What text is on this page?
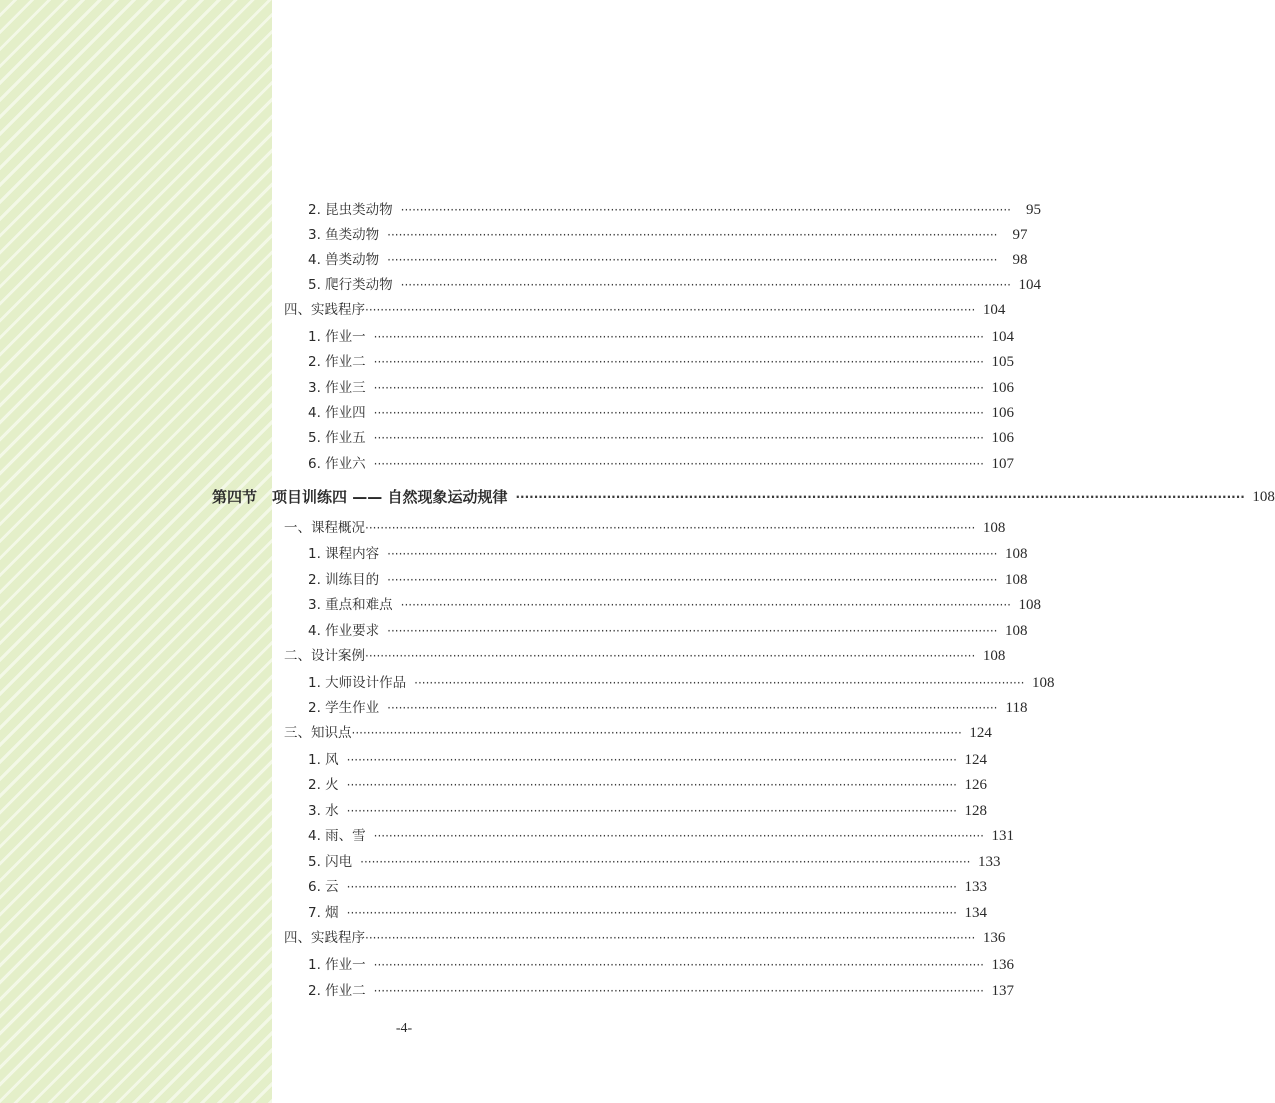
2. 昆虫类动物 ································································································································································	95
3. 鱼类动物 ································································································································································	97
4. 兽类动物 ································································································································································	98
5. 爬行类动物 ································································································································································ 104
四、实践程序 ································································································································································ 104
1. 作业一 ································································································································································ 104
2. 作业二 ································································································································································ 105
3. 作业三 ································································································································································ 106
4. 作业四 ································································································································································ 106
5. 作业五 ································································································································································ 106
6. 作业六 ································································································································································ 107
第四节　项目训练四 —— 自然现象运动规律 ································································································································································ 108
一、课程概况 ································································································································································ 108
1. 课程内容 ································································································································································ 108
2. 训练目的 ································································································································································ 108
3. 重点和难点 ································································································································································ 108
4. 作业要求 ································································································································································ 108
二、设计案例 ································································································································································ 108
1. 大师设计作品 ································································································································································ 108
2. 学生作业 ································································································································································ 118
三、知识点 ································································································································································ 124
1. 风 ································································································································································ 124
2. 火 ································································································································································ 126
3. 水 ································································································································································ 128
4. 雨、雪 ································································································································································ 131
5. 闪电 ································································································································································ 133
6. 云 ································································································································································ 133
7. 烟 ································································································································································ 134
四、实践程序 ································································································································································ 136
1. 作业一 ································································································································································ 136
2. 作业二 ································································································································································ 137
-4-
